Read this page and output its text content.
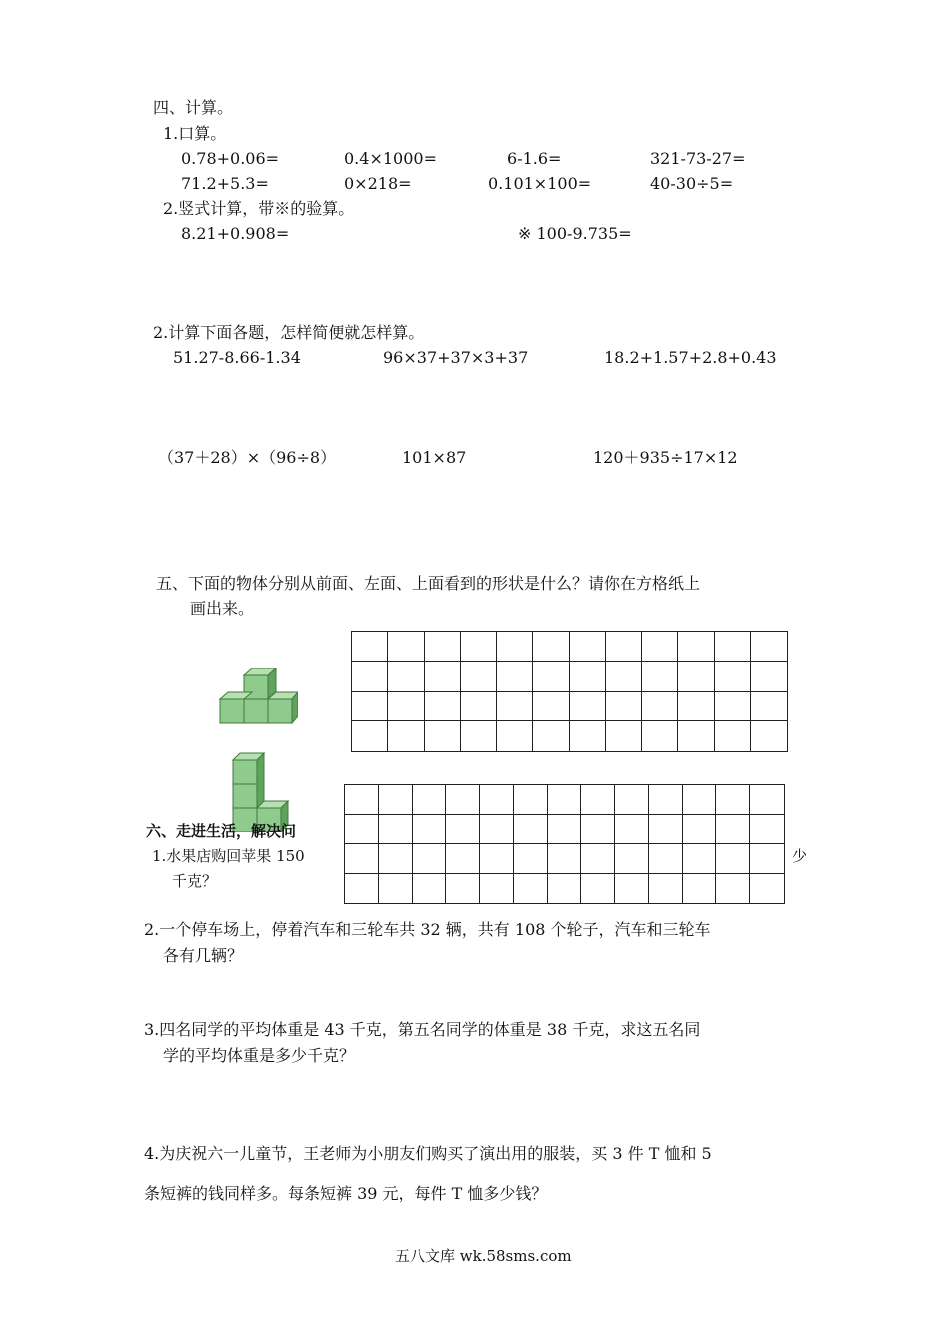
四、计算。
1.口算。
0.78+0.06=	0.4×1000=	6-1.6=	321-73-27=
71.2+5.3=	0×218=	0.101×100=	40-30÷5=
2.竖式计算，带※的验算。
8.21+0.908=	※ 100-9.735=
2.计算下面各题，怎样简便就怎样算。
51.27-8.66-1.34	96×37+37×3+37	18.2+1.57+2.8+0.43
（37＋28）×（96÷8）	101×87	120＋935÷17×12
五、下面的物体分别从前面、左面、上面看到的形状是什么？请你在方格纸上
画出来。
六、走进生活，解决问
1.水果店购回苹果 150	少
千克？
2.一个停车场上，停着汽车和三轮车共 32 辆，共有 108 个轮子，汽车和三轮车
各有几辆？
3.四名同学的平均体重是 43 千克，第五名同学的体重是 38 千克，求这五名同
学的平均体重是多少千克？
4.为庆祝六一儿童节，王老师为小朋友们购买了演出用的服装，买 3 件 T 恤和 5
条短裤的钱同样多。每条短裤 39 元，每件 T 恤多少钱？
五八文库 wk.58sms.com
